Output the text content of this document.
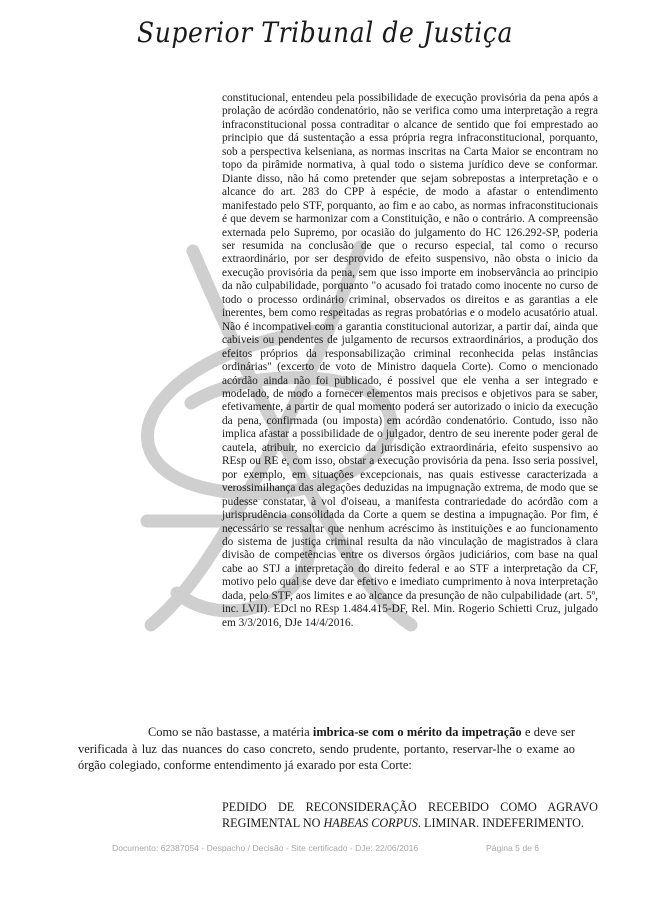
Superior Tribunal de Justiça

constitucional, entendeu pela possibilidade de execução provisória da pena após a prolação de acórdão condenatório, não se verifica como uma interpretação a regra infraconstitucional possa contraditar o alcance de sentido que foi emprestado ao principio que dá sustentação a essa própria regra infraconstitucional, porquanto, sob a perspectiva kelseniana, as normas inscritas na Carta Maior se encontram no topo da pirâmide normativa, à qual todo o sistema jurídico deve se conformar. Diante disso, não há como pretender que sejam sobrepostas a interpretação e o alcance do art. 283 do CPP à espécie, de modo a afastar o entendimento manifestado pelo STF, porquanto, ao fim e ao cabo, as normas infraconstitucionais é que devem se harmonizar com a Constituição, e não o contrário. A compreensão externada pelo Supremo, por ocasião do julgamento do HC 126.292-SP, poderia ser resumida na conclusão de que o recurso especial, tal como o recurso extraordinário, por ser desprovido de efeito suspensivo, não obsta o inicio da execução provisória da pena, sem que isso importe em inobservância ao principio da não culpabilidade, porquanto "o acusado foi tratado como inocente no curso de todo o processo ordinário criminal, observados os direitos e as garantias a ele inerentes, bem como respeitadas as regras probatórias e o modelo acusatório atual. Não é incompativel com a garantia constitucional autorizar, a partir daí, ainda que cabiveis ou pendentes de julgamento de recursos extraordinários, a produção dos efeitos próprios da responsabilização criminal reconhecida pelas instâncias ordinárias" (excerto de voto de Ministro daquela Corte). Como o mencionado acórdão ainda não foi publicado, é possivel que ele venha a ser integrado e modelado, de modo a fornecer elementos mais precisos e objetivos para se saber, efetivamente, a partir de qual momento poderá ser autorizado o inicio da execução da pena, confirmada (ou imposta) em acórdão condenatório. Contudo, isso não implica afastar a possibilidade de o julgador, dentro de seu inerente poder geral de cautela, atribuir, no exercicio da jurisdição extraordinária, efeito suspensivo ao REsp ou RE e, com isso, obstar a execução provisória da pena. Isso seria possivel, por exemplo, em situações excepcionais, nas quais estivesse caracterizada a verossimilhança das alegações deduzidas na impugnação extrema, de modo que se pudesse constatar, à vol d'oiseau, a manifesta contrariedade do acórdão com a jurisprudência consolidada da Corte a quem se destina a impugnação. Por fim, é necessário se ressaltar que nenhum acréscimo às instituições e ao funcionamento do sistema de justiça criminal resulta da não vinculação de magistrados à clara divisão de competências entre os diversos órgãos judiciários, com base na qual cabe ao STJ a interpretação do direito federal e ao STF a interpretação da CF, motivo pelo qual se deve dar efetivo e imediato cumprimento à nova interpretação dada, pelo STF, aos limites e ao alcance da presunção de não culpabilidade (art. 5º, inc. LVII). EDcl no REsp 1.484.415-DF, Rel. Min. Rogerio Schietti Cruz, julgado em 3/3/2016, DJe 14/4/2016.

Como se não bastasse, a matéria imbrica-se com o mérito da impetração e deve ser verificada à luz das nuances do caso concreto, sendo prudente, portanto, reservar-lhe o exame ao órgão colegiado, conforme entendimento já exarado por esta Corte:

PEDIDO DE RECONSIDERAÇÃO RECEBIDO COMO AGRAVO REGIMENTAL NO HABEAS CORPUS. LIMINAR. INDEFERIMENTO.

Documento: 62387054 - Despacho / Decisão - Site certificado - DJe: 22/06/2016	Página 5 de 6
